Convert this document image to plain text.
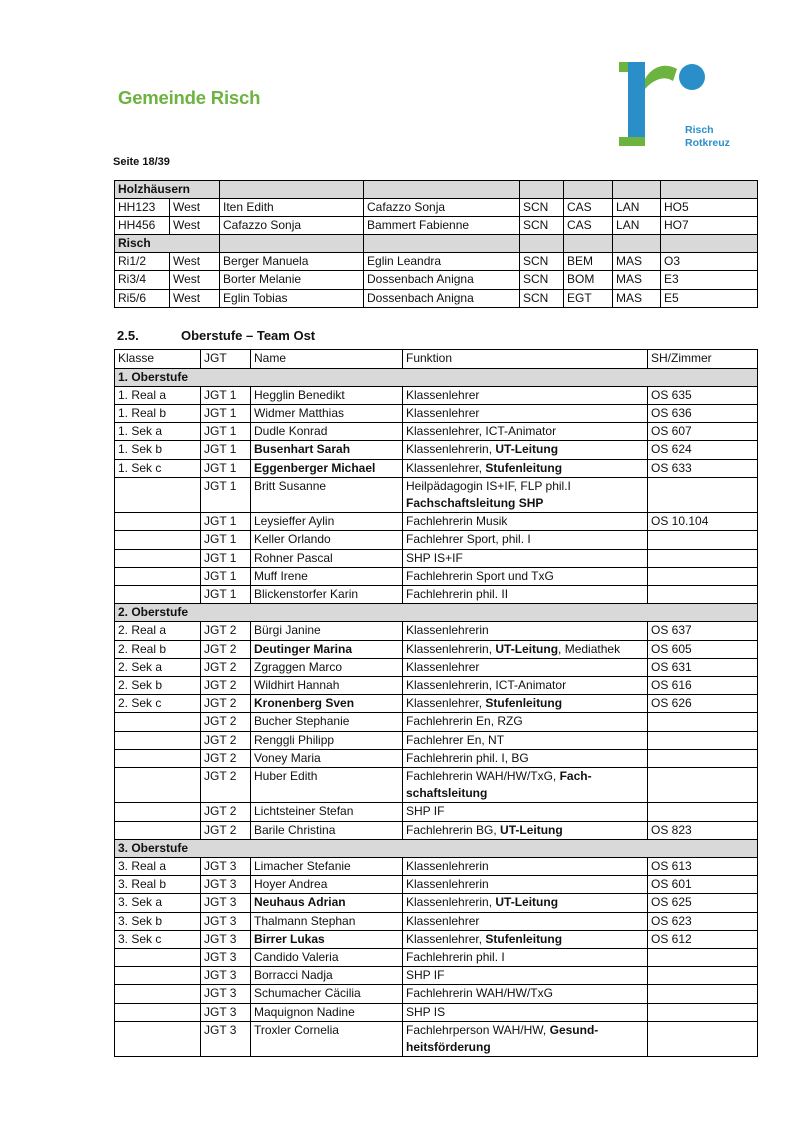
Gemeinde Risch
r
Risch
Rotkreuz
Seite 18/39
Holzhäusern							
HH123	West	Iten Edith	Cafazzo Sonja	SCN	CAS	LAN	HO5
HH456	West	Cafazzo Sonja	Bammert Fabienne	SCN	CAS	LAN	HO7
Risch							
Ri1/2	West	Berger Manuela	Eglin Leandra	SCN	BEM	MAS	O3
Ri3/4	West	Borter Melanie	Dossenbach Anigna	SCN	BOM	MAS	E3
Ri5/6	West	Eglin Tobias	Dossenbach Anigna	SCN	EGT	MAS	E5
2.5.	Oberstufe – Team Ost
Klasse	JGT	Name	Funktion	SH/Zimmer
1. Oberstufe				
1. Real a	JGT 1	Hegglin Benedikt	Klassenlehrer	OS 635
1. Real b	JGT 1	Widmer Matthias	Klassenlehrer	OS 636
1. Sek a	JGT 1	Dudle Konrad	Klassenlehrer, ICT-Animator	OS 607
1. Sek b	JGT 1	Busenhart Sarah	Klassenlehrerin, UT-Leitung	OS 624
1. Sek c	JGT 1	Eggenberger Michael	Klassenlehrer, Stufenleitung	OS 633
	JGT 1	Britt Susanne	Heilpädagogin IS+IF, FLP phil.I Fachschaftsleitung SHP	
	JGT 1	Leysieffer Aylin	Fachlehrerin Musik	OS 10.104
	JGT 1	Keller Orlando	Fachlehrer Sport, phil. I	
	JGT 1	Rohner Pascal	SHP IS+IF	
	JGT 1	Muff Irene	Fachlehrerin Sport und TxG	
	JGT 1	Blickenstorfer Karin	Fachlehrerin phil. II	
2. Oberstufe				
2. Real a	JGT 2	Bürgi Janine	Klassenlehrerin	OS 637
2. Real b	JGT 2	Deutinger Marina	Klassenlehrerin, UT-Leitung, Mediathek	OS 605
2. Sek a	JGT 2	Zgraggen Marco	Klassenlehrer	OS 631
2. Sek b	JGT 2	Wildhirt Hannah	Klassenlehrerin, ICT-Animator	OS 616
2. Sek c	JGT 2	Kronenberg Sven	Klassenlehrer, Stufenleitung	OS 626
	JGT 2	Bucher Stephanie	Fachlehrerin En, RZG	
	JGT 2	Renggli Philipp	Fachlehrer En, NT	
	JGT 2	Voney Maria	Fachlehrerin phil. I, BG	
	JGT 2	Huber Edith	Fachlehrerin WAH/HW/TxG, Fachschaftsleitung	
	JGT 2	Lichtsteiner Stefan	SHP IF	
	JGT 2	Barile Christina	Fachlehrerin BG, UT-Leitung	OS 823
3. Oberstufe				
3. Real a	JGT 3	Limacher Stefanie	Klassenlehrerin	OS 613
3. Real b	JGT 3	Hoyer Andrea	Klassenlehrerin	OS 601
3. Sek a	JGT 3	Neuhaus Adrian	Klassenlehrerin, UT-Leitung	OS 625
3. Sek b	JGT 3	Thalmann Stephan	Klassenlehrer	OS 623
3. Sek c	JGT 3	Birrer Lukas	Klassenlehrer, Stufenleitung	OS 612
	JGT 3	Candido Valeria	Fachlehrerin phil. I	
	JGT 3	Borracci Nadja	SHP IF	
	JGT 3	Schumacher Cäcilia	Fachlehrerin WAH/HW/TxG	
	JGT 3	Maquignon Nadine	SHP IS	
	JGT 3	Troxler Cornelia	Fachlehrperson WAH/HW, Gesundheitsförderung	
